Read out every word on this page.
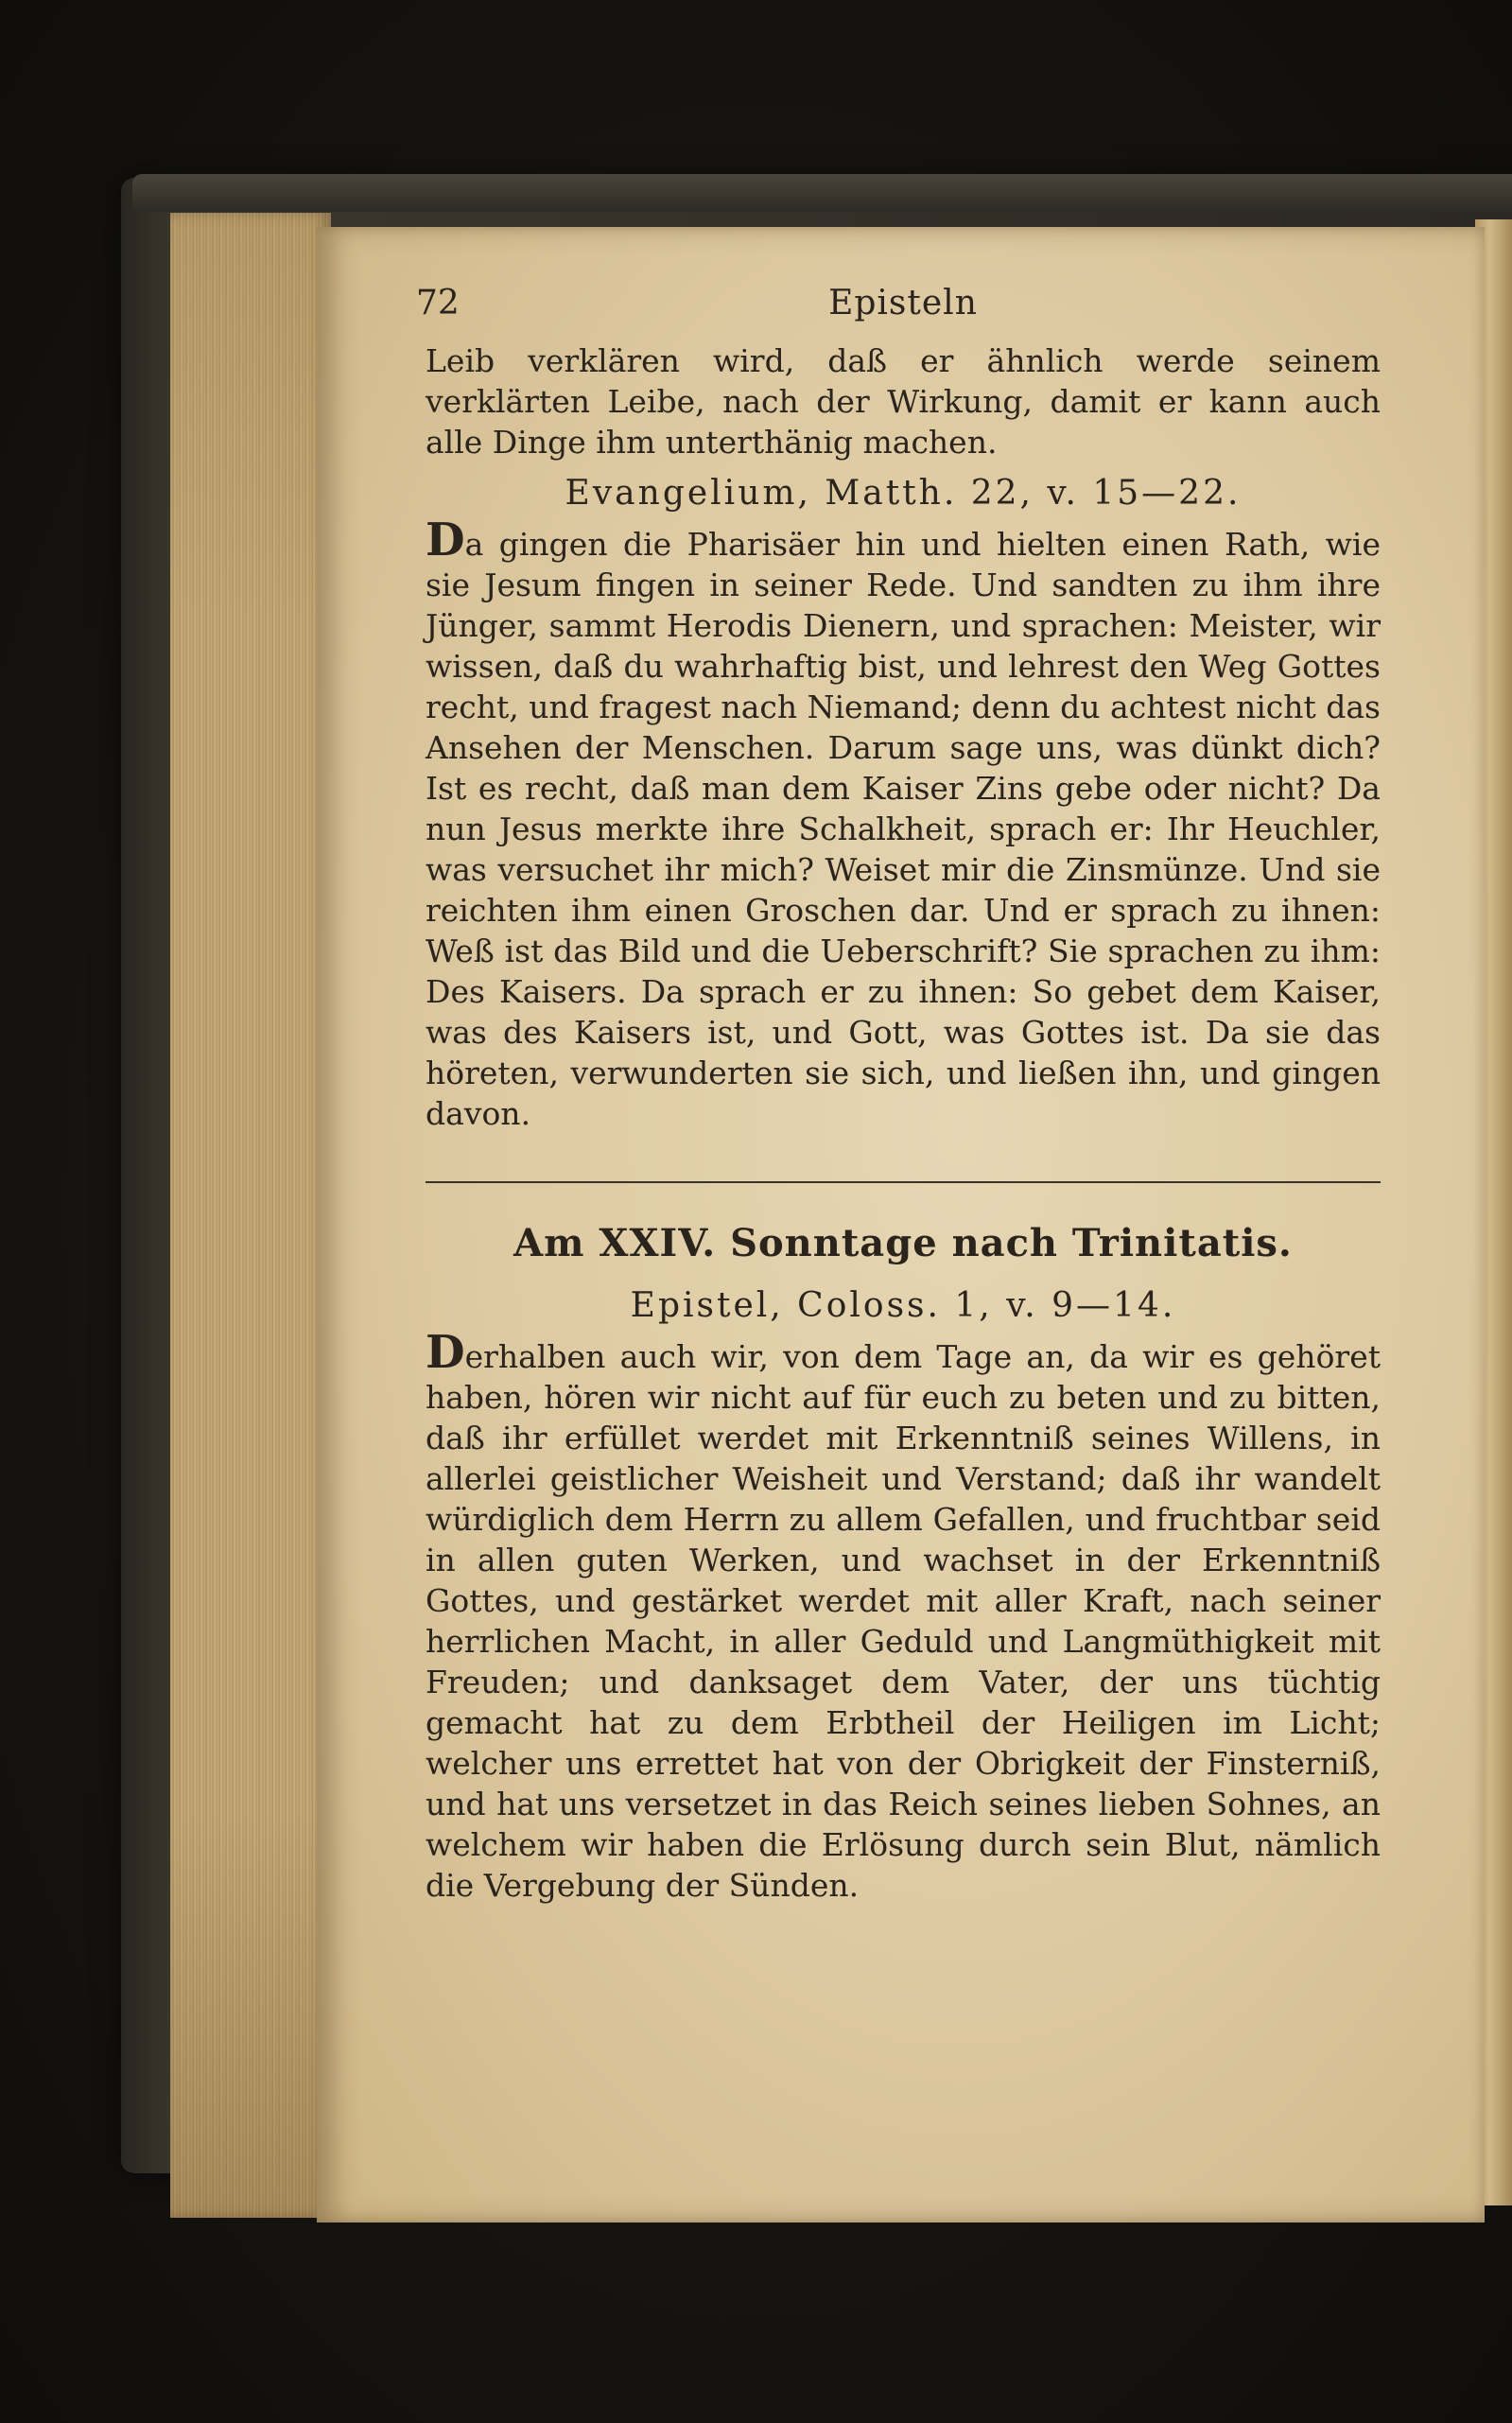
72	Episteln

Leib verklären wird, daß er ähnlich werde seinem verklärten Leibe, nach der Wirkung, damit er kann auch alle Dinge ihm unterthänig machen.

Evangelium, Matth. 22, v. 15—22.

Da gingen die Pharisäer hin und hielten einen Rath, wie sie Jesum fingen in seiner Rede. Und sandten zu ihm ihre Jünger, sammt Herodis Dienern, und sprachen: Meister, wir wissen, daß du wahrhaftig bist, und lehrest den Weg Gottes recht, und fragest nach Niemand; denn du achtest nicht das Ansehen der Menschen. Darum sage uns, was dünkt dich? Ist es recht, daß man dem Kaiser Zins gebe oder nicht? Da nun Jesus merkte ihre Schalkheit, sprach er: Ihr Heuchler, was versuchet ihr mich? Weiset mir die Zinsmünze. Und sie reichten ihm einen Groschen dar. Und er sprach zu ihnen: Weß ist das Bild und die Ueberschrift? Sie sprachen zu ihm: Des Kaisers. Da sprach er zu ihnen: So gebet dem Kaiser, was des Kaisers ist, und Gott, was Gottes ist. Da sie das höreten, verwunderten sie sich, und ließen ihn, und gingen davon.

Am XXIV. Sonntage nach Trinitatis.
Epistel, Coloss. 1, v. 9—14.

Derhalben auch wir, von dem Tage an, da wir es gehöret haben, hören wir nicht auf für euch zu beten und zu bitten, daß ihr erfüllet werdet mit Erkenntniß seines Willens, in allerlei geistlicher Weisheit und Verstand; daß ihr wandelt würdiglich dem Herrn zu allem Gefallen, und fruchtbar seid in allen guten Werken, und wachset in der Erkenntniß Gottes, und gestärket werdet mit aller Kraft, nach seiner herrlichen Macht, in aller Geduld und Langmüthigkeit mit Freuden; und danksaget dem Vater, der uns tüchtig gemacht hat zu dem Erbtheil der Heiligen im Licht; welcher uns errettet hat von der Obrigkeit der Finsterniß, und hat uns versetzet in das Reich seines lieben Sohnes, an welchem wir haben die Erlösung durch sein Blut, nämlich die Vergebung der Sünden.
